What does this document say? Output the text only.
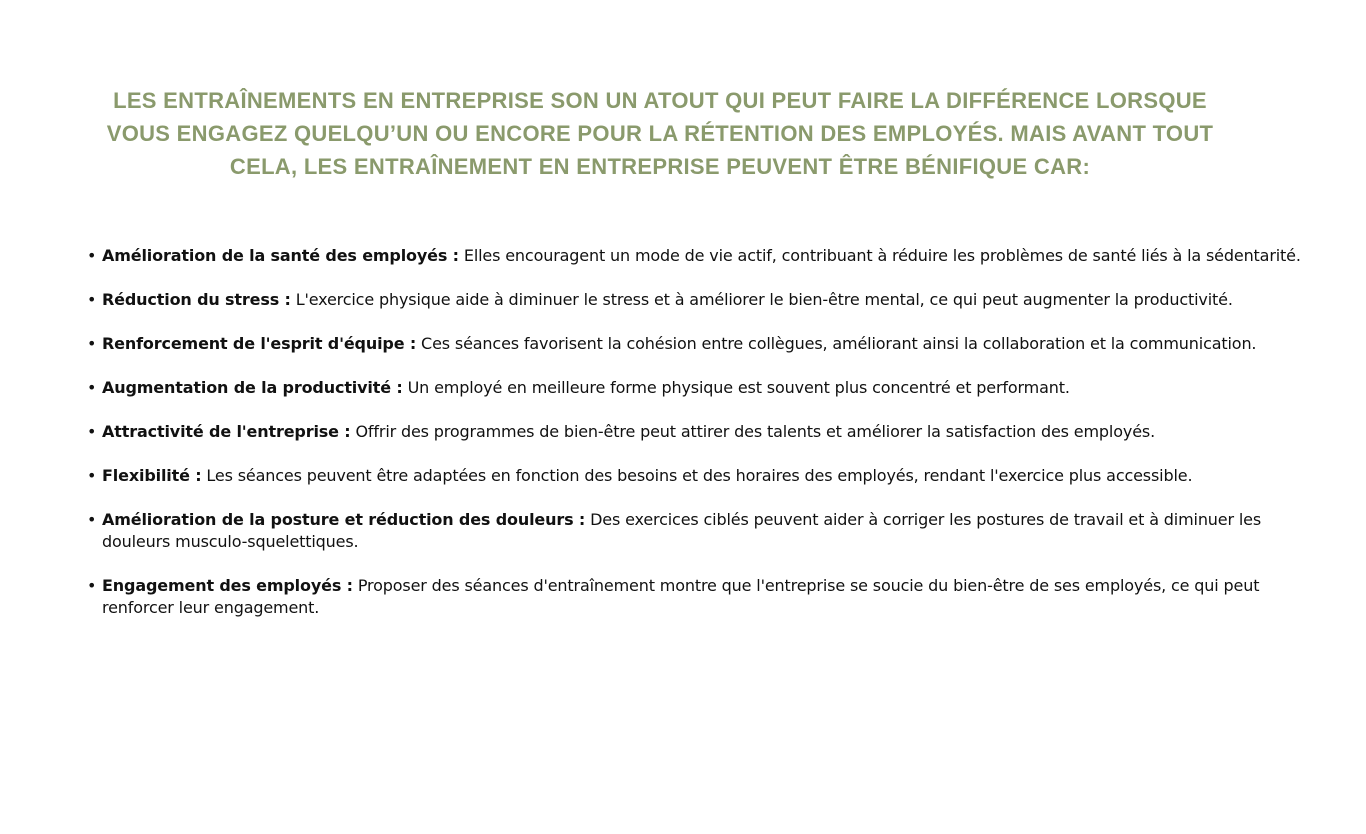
LES ENTRAÎNEMENTS EN ENTREPRISE SON UN ATOUT QUI PEUT FAIRE LA DIFFÉRENCE LORSQUE VOUS ENGAGEZ QUELQU’UN OU ENCORE POUR LA RÉTENTION DES EMPLOYÉS. MAIS AVANT TOUT CELA, LES ENTRAÎNEMENT EN ENTREPRISE PEUVENT ÊTRE BÉNIFIQUE CAR:
• Amélioration de la santé des employés : Elles encouragent un mode de vie actif, contribuant à réduire les problèmes de santé liés à la sédentarité.
• Réduction du stress : L'exercice physique aide à diminuer le stress et à améliorer le bien-être mental, ce qui peut augmenter la productivité.
• Renforcement de l'esprit d'équipe : Ces séances favorisent la cohésion entre collègues, améliorant ainsi la collaboration et la communication.
• Augmentation de la productivité : Un employé en meilleure forme physique est souvent plus concentré et performant.
• Attractivité de l'entreprise : Offrir des programmes de bien-être peut attirer des talents et améliorer la satisfaction des employés.
• Flexibilité : Les séances peuvent être adaptées en fonction des besoins et des horaires des employés, rendant l'exercice plus accessible.
• Amélioration de la posture et réduction des douleurs : Des exercices ciblés peuvent aider à corriger les postures de travail et à diminuer les douleurs musculo-squelettiques.
• Engagement des employés : Proposer des séances d'entraînement montre que l'entreprise se soucie du bien-être de ses employés, ce qui peut renforcer leur engagement.
